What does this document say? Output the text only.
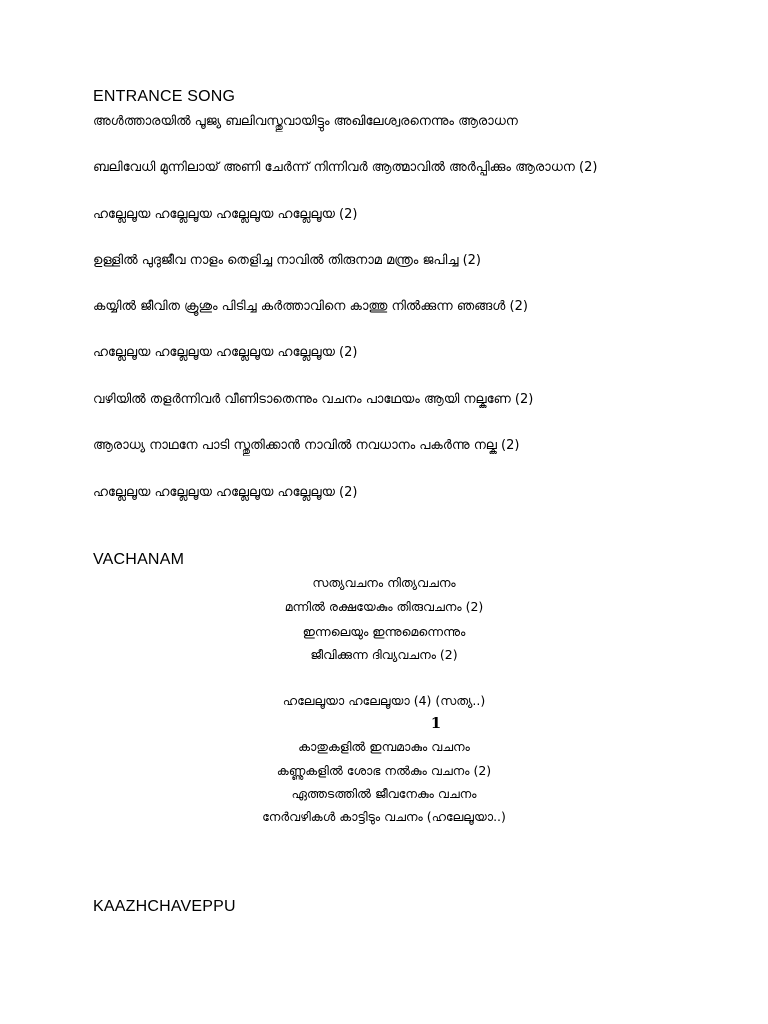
ENTRANCE SONG

അൾത്താരയിൽ പൂജ്യ ബലിവസ്തുവായിട്ടും അഖിലേശ്വരനെന്നും ആരാധന

ബലിവേധി മുന്നിലായ് അണി ചേർന്ന് നിന്നിവർ ആത്മാവിൽ അർപ്പിക്കും ആരാധന (2)

ഹല്ലേലൂയ ഹല്ലേലൂയ ഹല്ലേലൂയ ഹല്ലേലൂയ (2)

ഉള്ളിൽ പുദുജീവ നാളം തെളിച്ച നാവിൽ തിരുനാമ മന്ത്രം ജപിച്ച (2)

കയ്യിൽ ജീവിത ക്രൂശും പിടിച്ച കർത്താവിനെ കാത്തു നിൽക്കുന്ന ഞങ്ങൾ (2)

ഹല്ലേലൂയ ഹല്ലേലൂയ ഹല്ലേലൂയ ഹല്ലേലൂയ (2)

വഴിയിൽ തളർന്നിവർ വീണിടാതെന്നും വചനം പാഥേയം ആയി നല്കണേ (2)

ആരാധ്യ നാഥനേ പാടി സ്തുതിക്കാൻ നാവിൽ നവധാനം പകർന്നു നല്ക (2)

ഹല്ലേലൂയ ഹല്ലേലൂയ ഹല്ലേലൂയ ഹല്ലേലൂയ (2)

VACHANAM

സത്യവചനം നിത്യവചനം

മന്നിൽ രക്ഷയേകും തിരുവചനം (2)

ഇന്നലെയും ഇന്നുമെന്നെന്നും

ജീവിക്കുന്ന ദിവ്യവചനം (2)

ഹലേലൂയാ ഹലേലൂയാ (4) (സത്യ..)

1

കാതുകളിൽ ഇമ്പമാകും വചനം

കണ്ണുകളിൽ ശോഭ നൽകും വചനം (2)

ഏത്തടത്തിൽ ജീവനേകും വചനം

നേർവഴികൾ കാട്ടിടും വചനം (ഹലേലൂയാ..)

KAAZHCHAVEPPU
